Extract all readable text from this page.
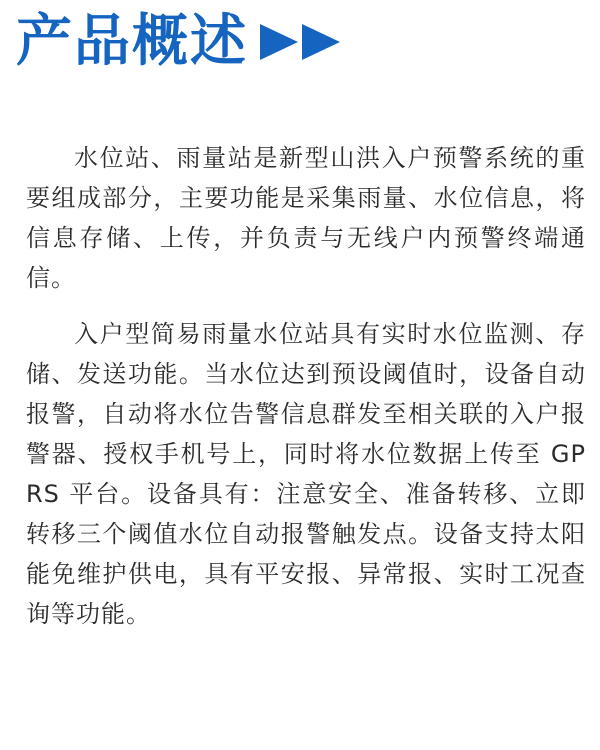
产品概述

水位站、雨量站是新型山洪入户预警系统的重要组成部分，主要功能是采集雨量、水位信息，将信息存储、上传，并负责与无线户内预警终端通信。

入户型简易雨量水位站具有实时水位监测、存储、发送功能。当水位达到预设阈值时，设备自动报警，自动将水位告警信息群发至相关联的入户报警器、授权手机号上，同时将水位数据上传至 GPRS 平台。设备具有：注意安全、准备转移、立即转移三个阈值水位自动报警触发点。设备支持太阳能免维护供电，具有平安报、异常报、实时工况查询等功能。
